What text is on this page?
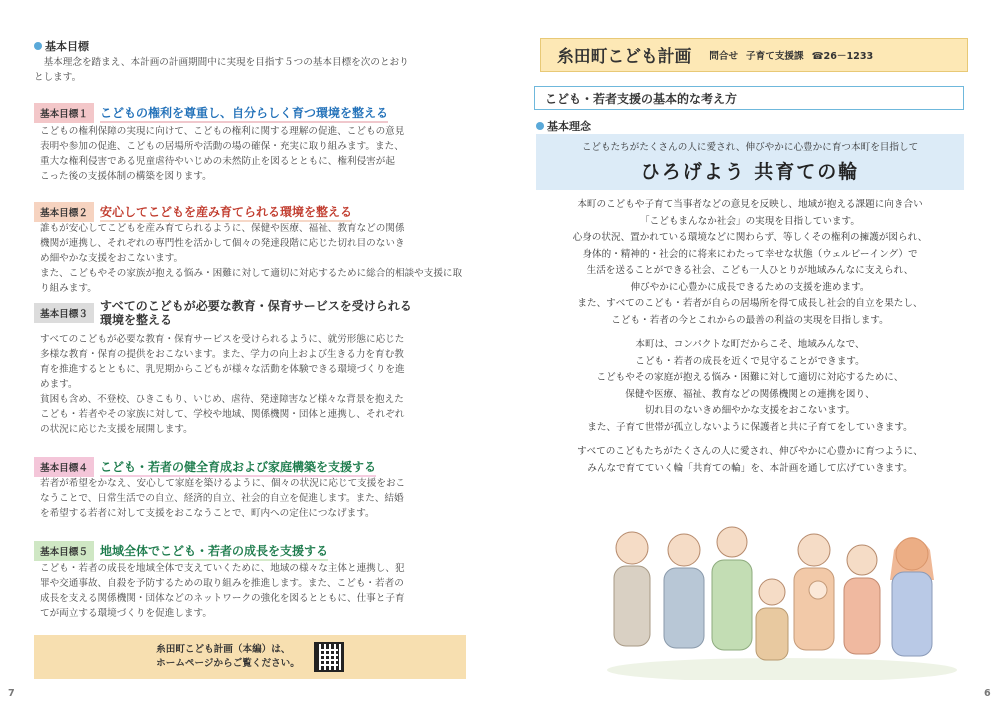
基本目標
　基本理念を踏まえ、本計画の計画期間中に実現を目指す５つの基本目標を次のとおり
とします。
基本目標１	こどもの権利を尊重し、自分らしく育つ環境を整える
こどもの権利保障の実現に向けて、こどもの権利に関する理解の促進、こどもの意見
表明や参加の促進、こどもの居場所や活動の場の確保・充実に取り組みます。また、
重大な権利侵害である児童虐待やいじめの未然防止を図るとともに、権利侵害が起
こった後の支援体制の構築を図ります。
基本目標２	安心してこどもを産み育てられる環境を整える
誰もが安心してこどもを産み育てられるように、保健や医療、福祉、教育などの関係
機関が連携し、それぞれの専門性を活かして個々の発達段階に応じた切れ目のないき
め細やかな支援をおこないます。
また、こどもやその家族が抱える悩み・困難に対して適切に対応するために総合的相談や支援に取り組みます。
基本目標３
すべてのこどもが必要な教育・保育サービスを受けられる
環境を整える
すべてのこどもが必要な教育・保育サービスを受けられるように、就労形態に応じた
多様な教育・保育の提供をおこないます。また、学力の向上および生きる力を育む教
育を推進するとともに、乳児期からこどもが様々な活動を体験できる環境づくりを進
めます。
貧困も含め、不登校、ひきこもり、いじめ、虐待、発達障害など様々な背景を抱えた
こども・若者やその家族に対して、学校や地域、関係機関・団体と連携し、それぞれ
の状況に応じた支援を展開します。
基本目標４	こども・若者の健全育成および家庭構築を支援する
若者が希望をかなえ、安心して家庭を築けるように、個々の状況に応じて支援をおこ
なうことで、日常生活での自立、経済的自立、社会的自立を促進します。また、結婚
を希望する若者に対して支援をおこなうことで、町内への定住につなげます。
基本目標５	地域全体でこども・若者の成長を支援する
こども・若者の成長を地域全体で支えていくために、地域の様々な主体と連携し、犯
罪や交通事故、自殺を予防するための取り組みを推進します。また、こども・若者の
成長を支える関係機関・団体などのネットワークの強化を図るとともに、仕事と子育
てが両立する環境づくりを促進します。
糸田町こども計画（本編）は、
ホームページからご覧ください。
7
糸田町こども計画 問合せ 子育て支援課 ☎26－1233
こども・若者支援の基本的な考え方
基本理念
こどもたちがたくさんの人に愛され、伸びやかに心豊かに育つ本町を目指して
ひろげよう 共育ての輪

本町のこどもや子育て当事者などの意見を反映し、地域が抱える課題に向き合い

「こどもまんなか社会」の実現を目指しています。

心身の状況、置かれている環境などに関わらず、等しくその権利の擁護が図られ、

身体的・精神的・社会的に将来にわたって幸せな状態（ウェルビーイング）で

生活を送ることができる社会、こども一人ひとりが地域みんなに支えられ、

伸びやかに心豊かに成長できるための支援を進めます。

また、すべてのこども・若者が自らの居場所を得て成長し社会的自立を果たし、

こども・若者の今とこれからの最善の利益の実現を目指します。

本町は、コンパクトな町だからこそ、地域みんなで、

こども・若者の成長を近くで見守ることができます。

こどもやその家庭が抱える悩み・困難に対して適切に対応するために、

保健や医療、福祉、教育などの関係機関との連携を図り、

切れ目のないきめ細やかな支援をおこないます。

また、子育て世帯が孤立しないように保護者と共に子育てをしていきます。

すべてのこどもたちがたくさんの人に愛され、伸びやかに心豊かに育つように、

みんなで育てていく輪「共育ての輪」を、本計画を通して広げていきます。

6
